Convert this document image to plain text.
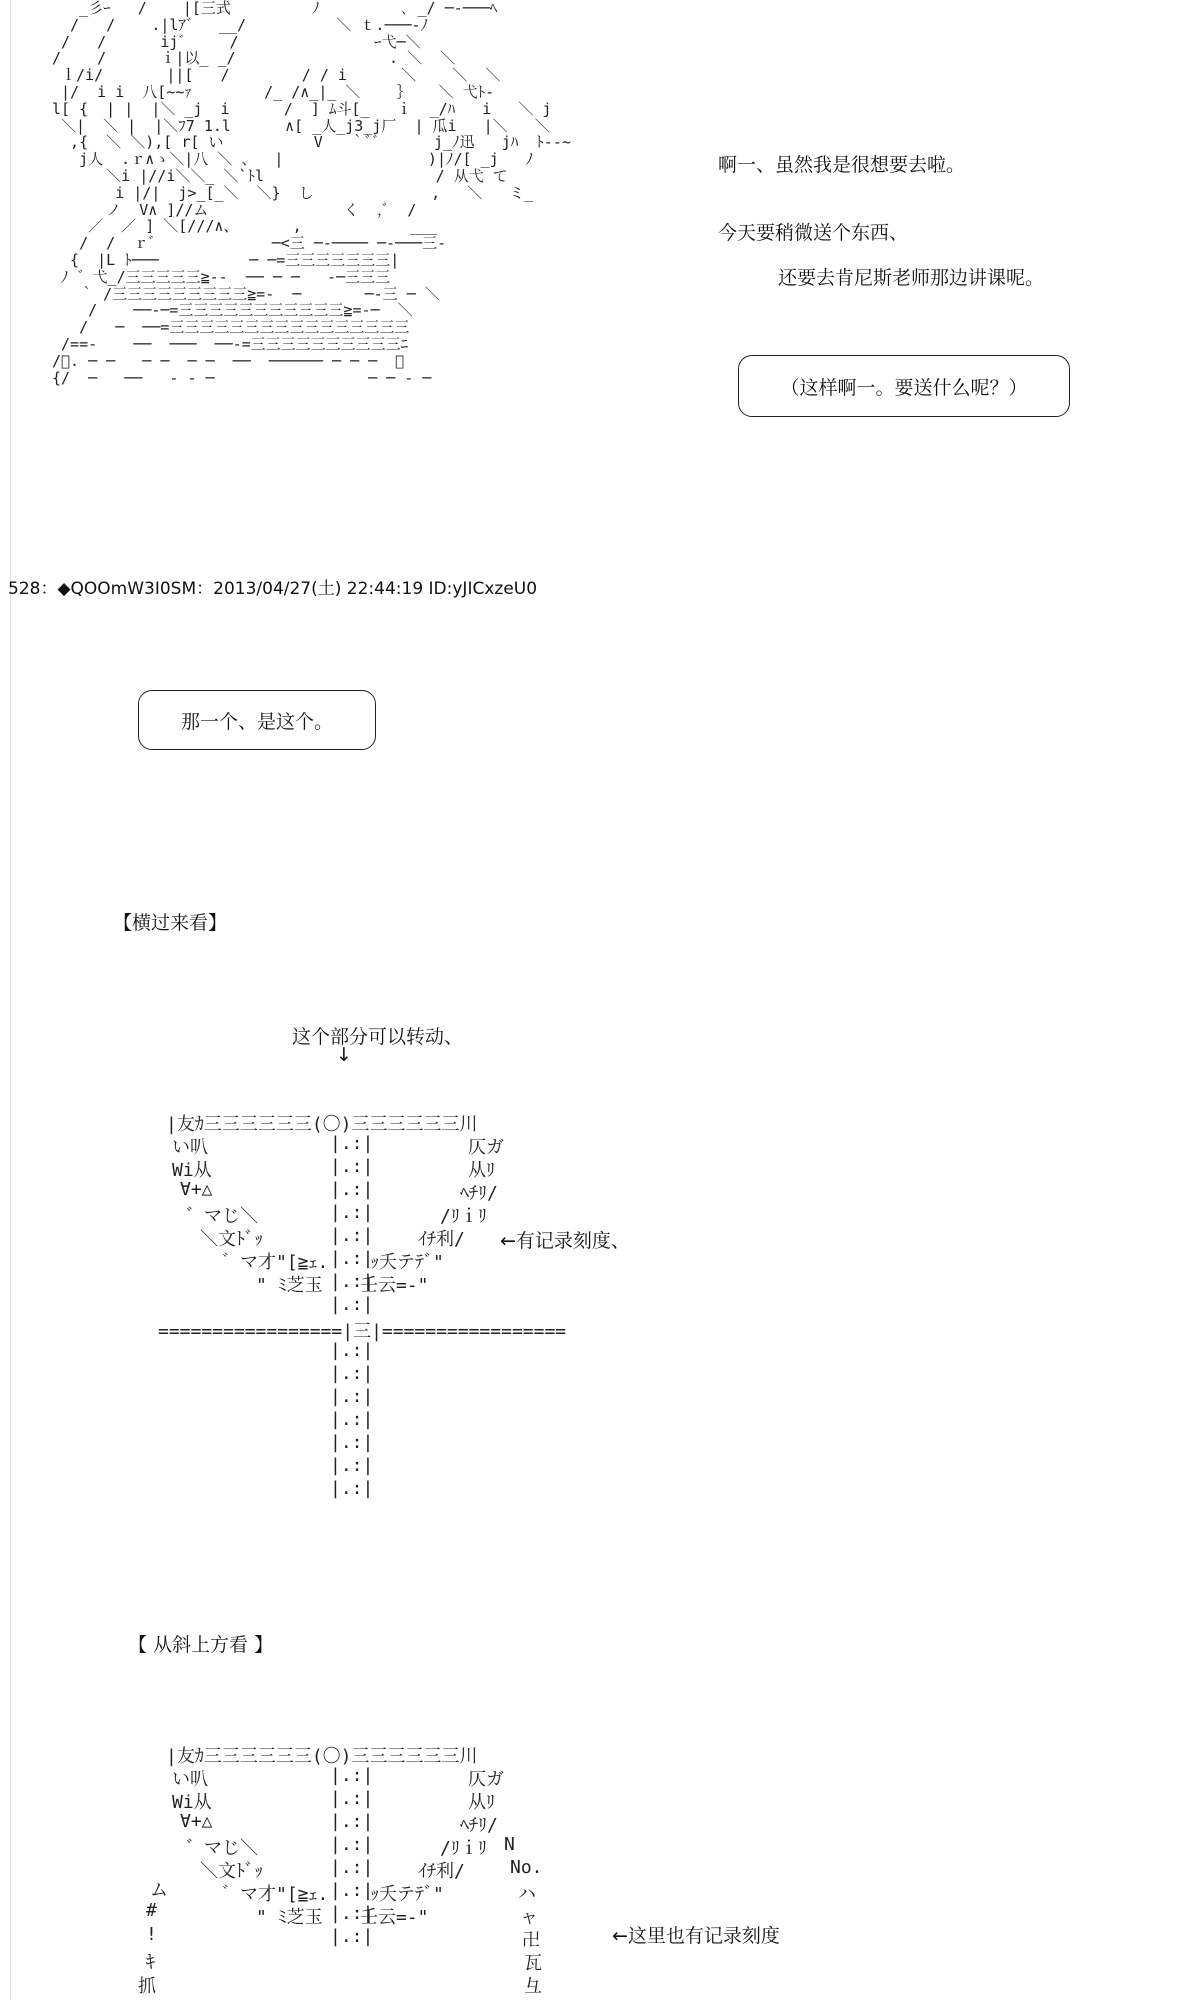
_彡ｰ   /    |[三式         ﾉ         ､ _/ ─‐───ﾍ
/   /    .|lｱ゛  __/          ＼ ｔ.───‐ﾉ
/   /      ij゛    /               ｰ弋─＼
/    /      ｉ|以_ _/                 . ＼  ＼
ｌ/i/       ||[   /        / / i      ＼    ＼  ＼
|/  i i  八[~~ｧ        /_ /∧_|_ ＼    ｝   ＼ 弋ﾄ-
l[ {  | |  |＼ _j  i      /  ] ﾑ斗[_   ｉ  _/ﾊ   i   ＼ j
＼|  ＼ |  |＼ﾌ7 1.l      ∧[ _人_j3_j厂  | 瓜i   |＼   ＼
,{  ＼ ＼),[ r[ い          V   ｀ﾞﾞ      j_ﾉ迅   jﾊ  ﾄ--~
j人  .ｒ∧ゝ＼|八 ＼ 、  |                )|ﾉ/[ _j   ﾉ
＼i |//i＼＼_ ＼`ﾄl                   / 从弋 て
i |/|  j>_[_＼  ＼}  し             ,   ＼   ミ_
ノ  V∧ ]//ム               く  ,ﾞ  /
／  ／ ] ＼[///∧、      ,            ___
/  /  ｒ゛            ─<三 ─‐──── ─‐───三‐
{  |L ﾄ───          ─ ─=三三三三三三三|
ﾉ ゛弋_/三三三三三≧-‐  ── ─ ─   ‐─三三三
｀ /三三三三三三三三三≧=‐  ─       ─‐三 ─ ＼
/    ──‐─=三三三三三三三三三三三≧=‐─  ＼
/   ─  ──=三三三三三三三三三三三三三三三三
/==‐    ──  ───  ──‐=三三三三三三三三三三ﾆ
/ﾞ. ─ ─   ─ ─  ─ ─  ──  ────── ─ ─ ─  ＼
{/  ─   ──   ‐ ‐ ─                 ─ ─ ‐ ─
啊一、虽然我是很想要去啦。
今天要稍微送个东西、
还要去肯尼斯老师那边讲课呢。
（这样啊一。要送什么呢？）
528：◆QOOmW3I0SM：2013/04/27(土) 22:44:19 ID:yJICxzeU0
那一个、是这个。
【横过来看】
这个部分可以转动、
↓
|友ｶ三三三三三三(〇)三三三三三三川
い叭
Wi从
∀+△
゛マじ＼
＼文ﾄﾞｯ
゛マ才"[≧ｪ.
" ﾐ芝玉
仄ガ
从ﾘ
ﾍﾁﾘ/
/ﾘｉﾘ
ｲﾁ利/
ｯ夭テﾃﾞ"
壬云=-"
|.:|
|.:|
|.:|
|.:|
|.:|
|.:|
|.:|
|.:|
=================|三|=================
|.:|
|.:|
|.:|
|.:|
|.:|
|.:|
|.:|
←有记录刻度、
【 从斜上方看 】
|友ｶ三三三三三三(〇)三三三三三三川
い叭
Wi从
∀+△
゛マじ＼
＼文ﾄﾞｯ
゛マ才"[≧ｪ.
" ﾐ芝玉
仄ガ
从ﾘ
ﾍﾁﾘ/
/ﾘｉﾘ
ｲﾁ利/
ｯ夭テﾃﾞ"
壬云=-"
|.:|
|.:|
|.:|
|.:|
|.:|
|.:|
|.:|
|.:|
ム
#
!
ｷ
抓
N
No.
ハ
ャ
卍
瓦
彑
←这里也有记录刻度
